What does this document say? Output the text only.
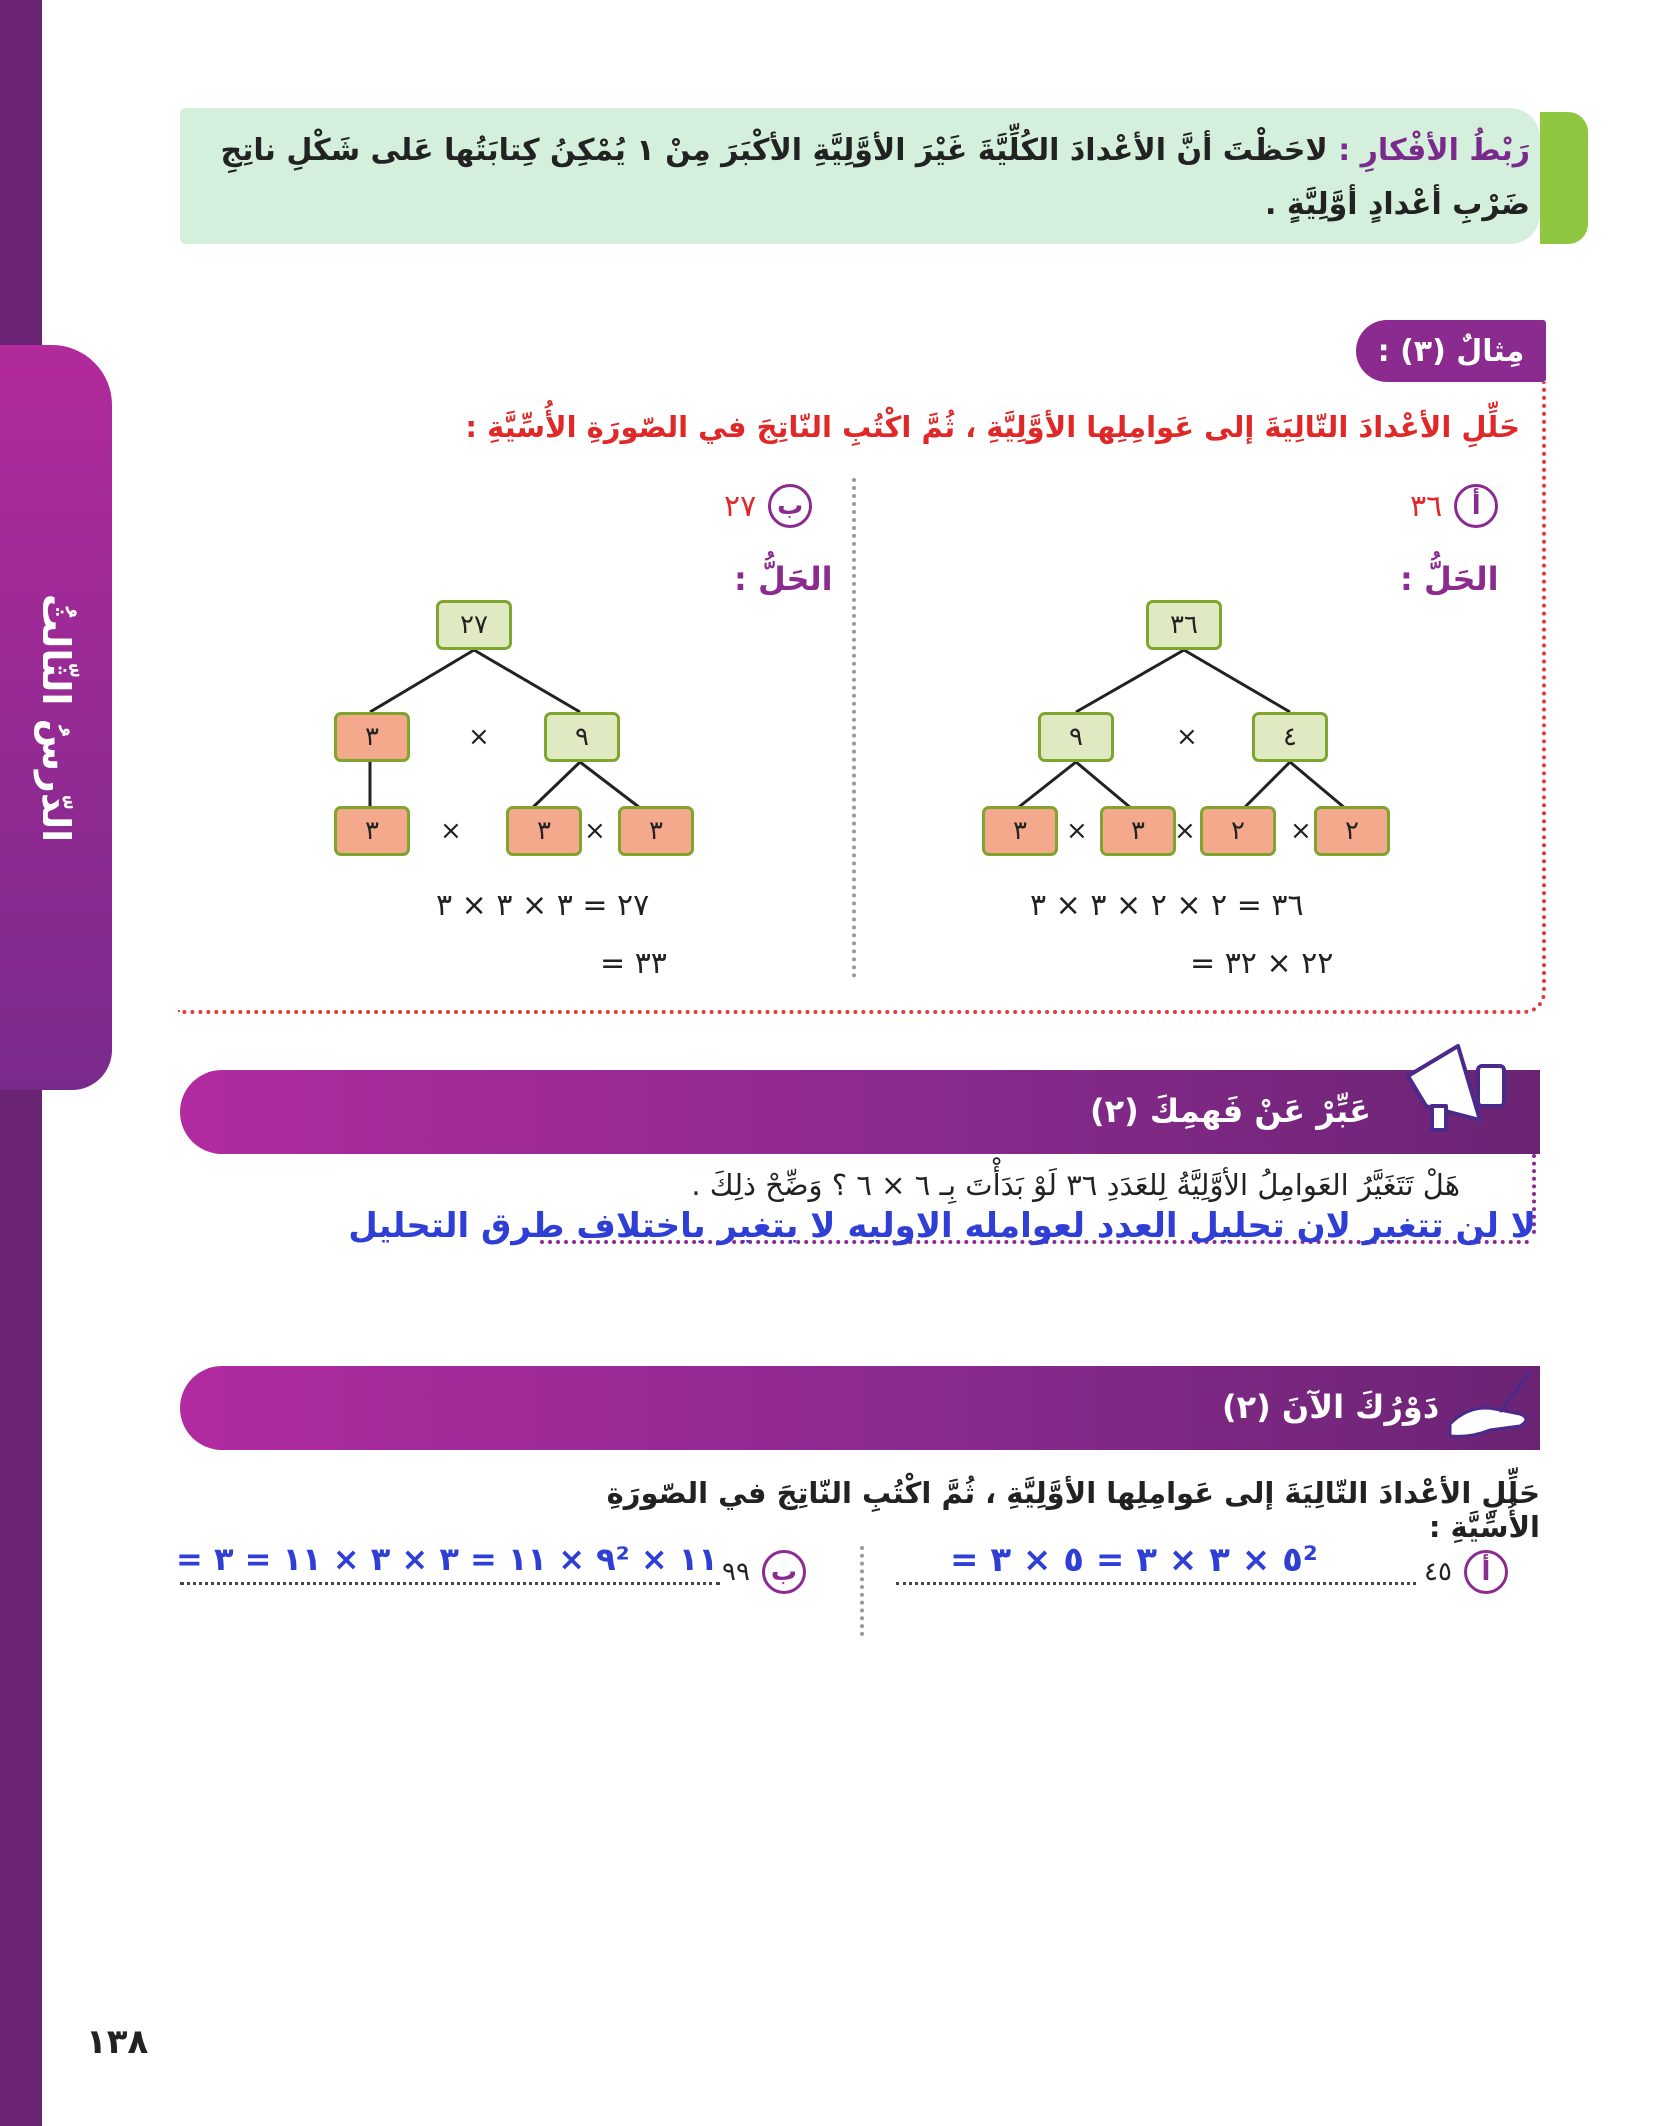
الدّرسُ الثّالثُ
رَبْطُ الأفْكارِ : لاحَظْتَ أنَّ الأعْدادَ الكُلِّيَّةَ غَيْرَ الأوَّلِيَّةِ الأكْبَرَ مِنْ ١ يُمْكِنُ كِتابَتُها عَلى شَكْلِ ناتِجِ ضَرْبِ أعْدادٍ أوَّلِيَّةٍ .
مِثالٌ (٣) :
حَلِّلِ الأعْدادَ التّالِيَةَ إلى عَوامِلِها الأوَّلِيَّةِ ، ثُمَّ اكْتُبِ النّاتِجَ في الصّورَةِ الأُسِّيَّةِ :
٣٦	أ
الحَلُّ :
٣٦
٩	×	٤
٣	×	٣	×	٢	×	٢
٣٦ = ٢ × ٢ × ٣ × ٣
= ٢٢ × ٣٢
٢٧ ب
الحَلُّ :
٢٧
٣	×	٩
٣	×	٣	×	٣
٢٧ = ٣ × ٣ × ٣
= ٣٣
عَبِّرْ عَنْ فَهمِكَ (٢)
هَلْ تَتَغَيَّرُ العَوامِلُ الأوَّلِيَّةُ لِلعَدَدِ ٣٦ لَوْ بَدَأْتَ بِـ ٦ × ٦ ؟ وَضِّحْ ذلِكَ .
لا لن تتغير لان تحليل العدد لعوامله الاوليه لا يتغير باختلاف طرق التحليل
دَوْرُكَ الآنَ (٢)
حَلِّلِ الأعْدادَ التّالِيَةَ إلى عَوامِلِها الأوَّلِيَّةِ ، ثُمَّ اكْتُبِ النّاتِجَ في الصّورَةِ الأُسِّيَّةِ :
٤٥	أ
= ٥ × ٣ × ٣ = ٥ × ٣²
٩٩ ب
= ٩ × ١١ = ٣ × ٣ × ١١ = ٣² × ١١
١٣٨
